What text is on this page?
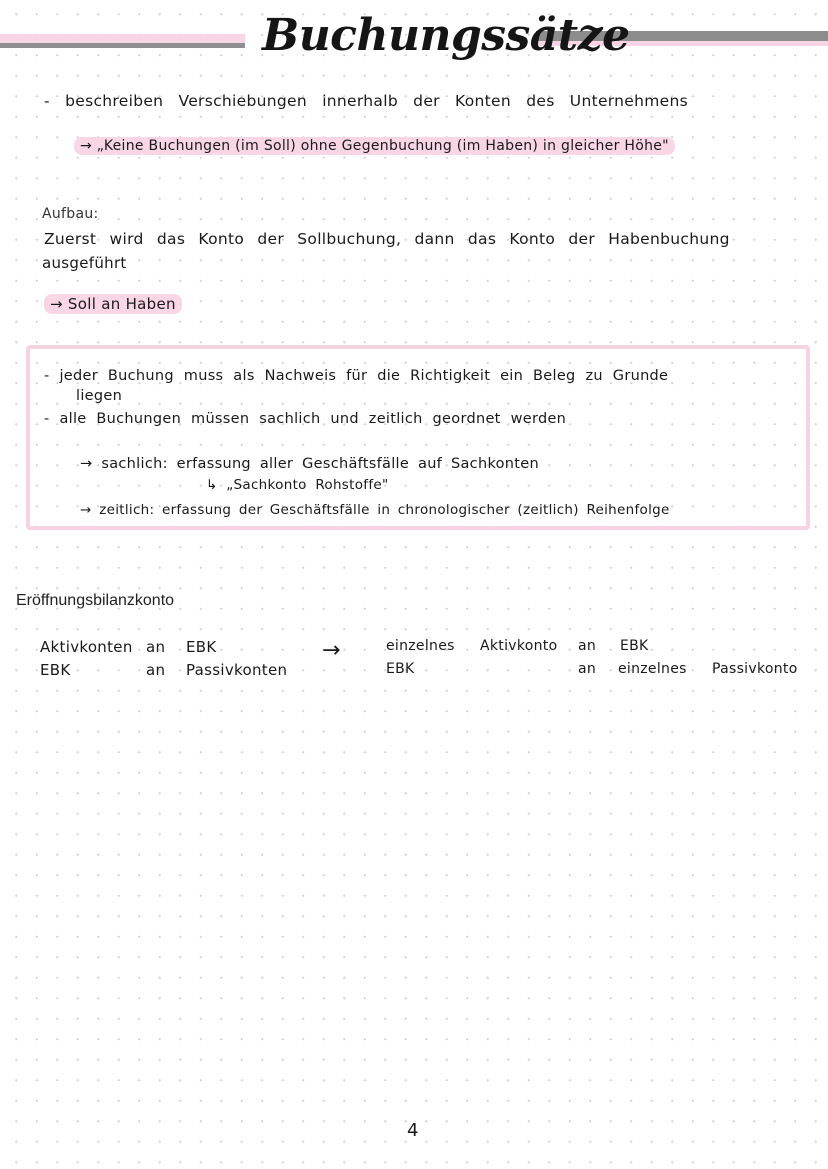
Buchungssätze
- beschreiben Verschiebungen innerhalb der Konten des Unternehmens
→ „Keine Buchungen (im Soll) ohne Gegenbuchung (im Haben) in gleicher Höhe"
Aufbau:
Zuerst wird das Konto der Sollbuchung, dann das Konto der Habenbuchung
ausgeführt
→ Soll an Haben
- jeder Buchung muss als Nachweis für die Richtigkeit ein Beleg zu Grunde
liegen
- alle Buchungen müssen sachlich und zeitlich geordnet werden
→ sachlich: erfassung aller Geschäftsfälle auf Sachkonten
↳ „Sachkonto Rohstoffe"
→ zeitlich: erfassung der Geschäftsfälle in chronologischer (zeitlich) Reihenfolge
Eröffnungsbilanzkonto
Aktivkonten an EBK
EBK	an Passivkonten
→	einzelnes Aktivkonto an EBK
EBK	an einzelnes Passivkonto
4
